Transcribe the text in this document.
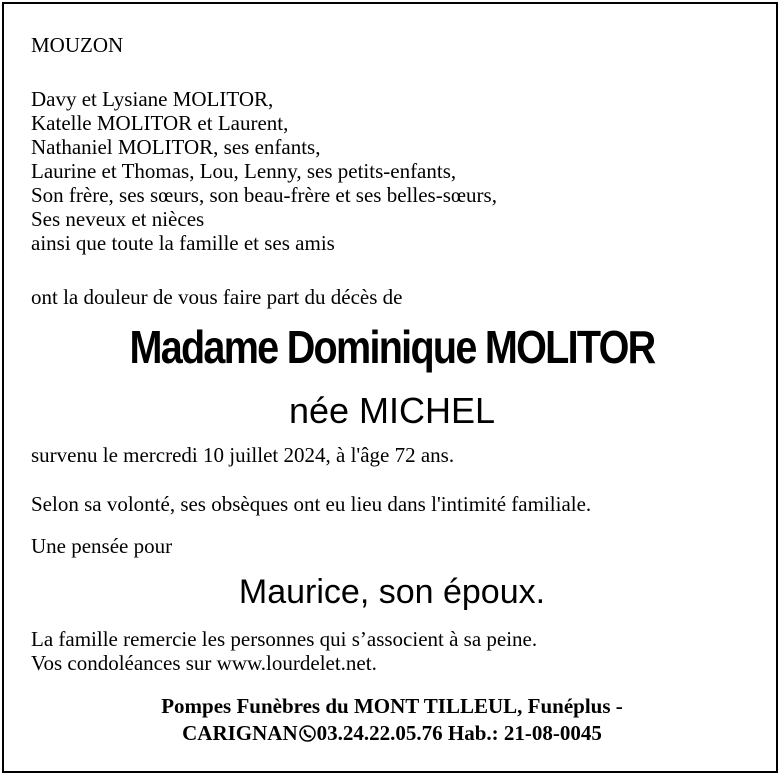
MOUZON
Davy et Lysiane MOLITOR,
Katelle MOLITOR et Laurent,
Nathaniel MOLITOR, ses enfants,
Laurine et Thomas, Lou, Lenny, ses petits-enfants,
Son frère, ses sœurs, son beau-frère et ses belles-sœurs,
Ses neveux et nièces
ainsi que toute la famille et ses amis
ont la douleur de vous faire part du décès de
Madame Dominique MOLITOR
née MICHEL
survenu le mercredi 10 juillet 2024, à l'âge 72 ans.
Selon sa volonté, ses obsèques ont eu lieu dans l'intimité familiale.
Une pensée pour
Maurice, son époux.
La famille remercie les personnes qui s’associent à sa peine.
Vos condoléances sur www.lourdelet.net.
Pompes Funèbres du MONT TILLEUL, Funéplus -
CARIGNAN 03.24.22.05.76 Hab.: 21-08-0045
